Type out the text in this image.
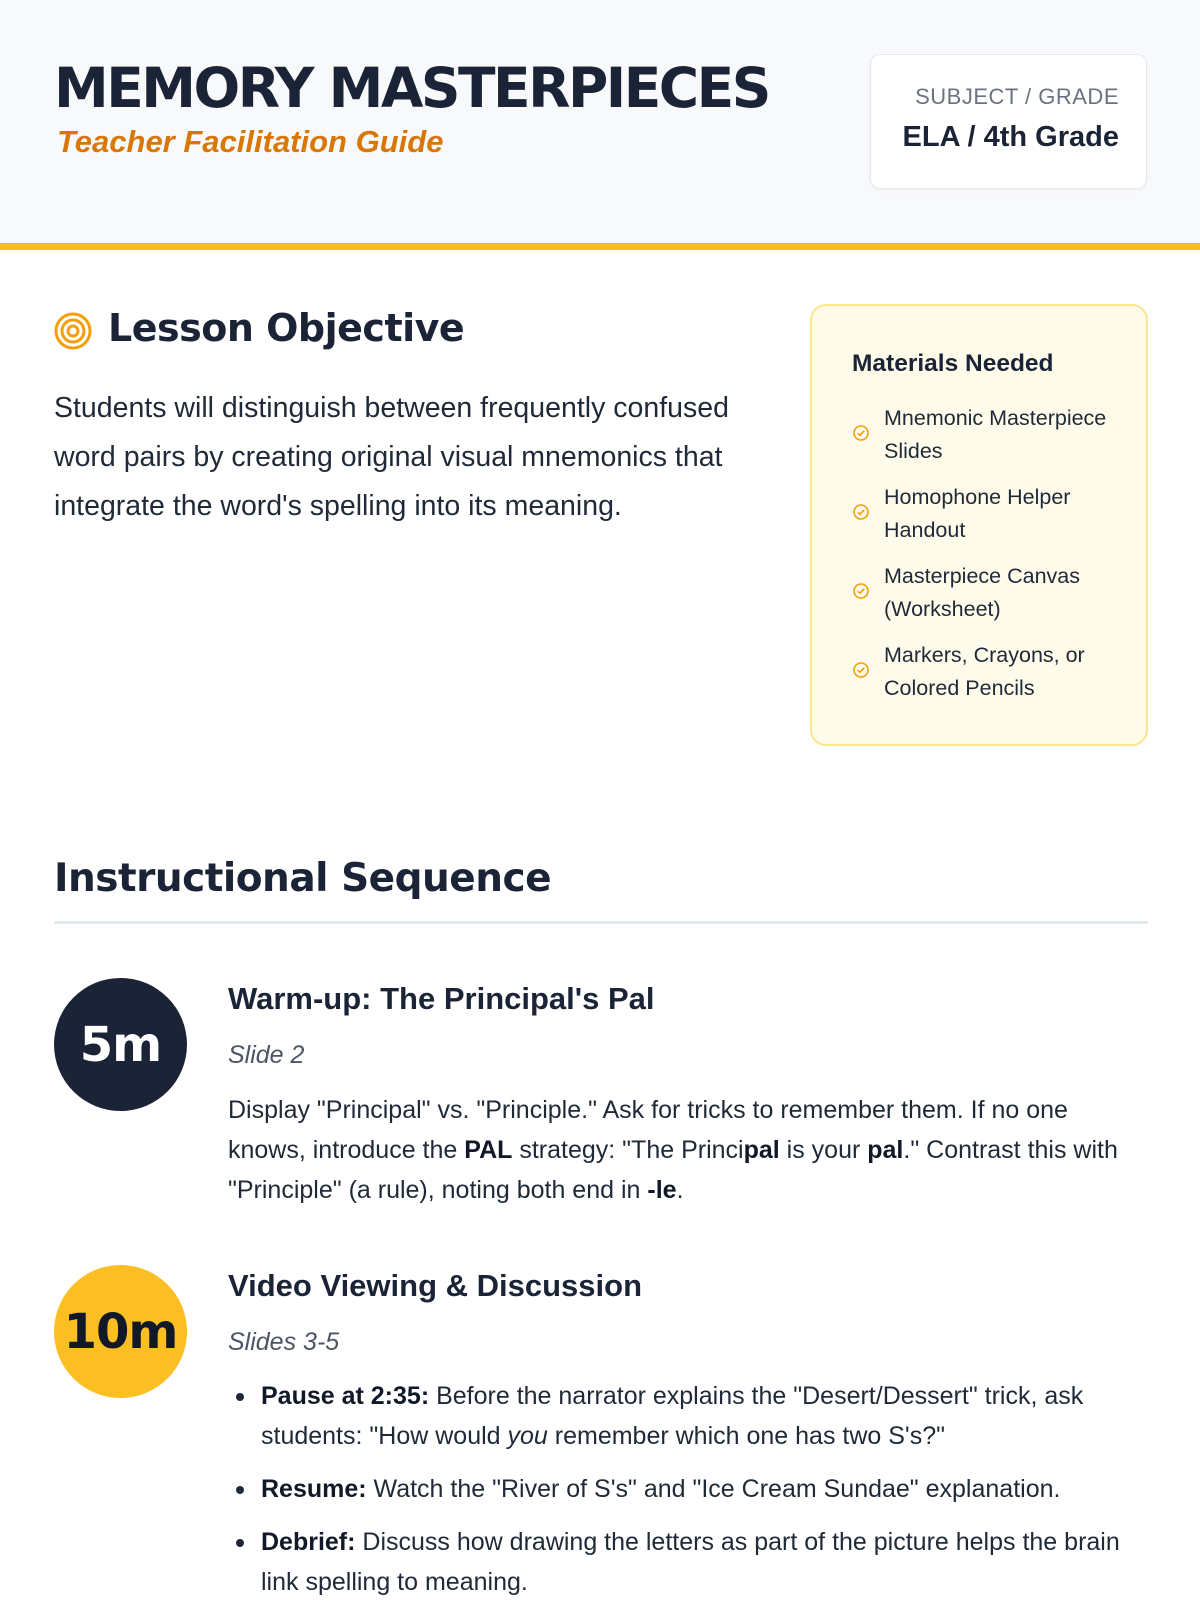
MEMORY MASTERPIECES
Teacher Facilitation Guide
SUBJECT / GRADE
ELA / 4th Grade
Lesson Objective

Students will distinguish between frequently confused word pairs by creating original visual mnemonics that integrate the word's spelling into its meaning.

Materials Needed
Mnemonic Masterpiece Slides
Homophone Helper Handout
Masterpiece Canvas (Worksheet)
Markers, Crayons, or Colored Pencils
Instructional Sequence
5m
Warm-up: The Principal's Pal
Slide 2

Display "Principal" vs. "Principle." Ask for tricks to remember them. If no one knows, introduce the PAL strategy: "The Principal is your pal." Contrast this with "Principle" (a rule), noting both end in -le.

10m
Video Viewing & Discussion
Slides 3-5
Pause at 2:35: Before the narrator explains the "Desert/Dessert" trick, ask students: "How would you remember which one has two S's?"
Resume: Watch the "River of S's" and "Ice Cream Sundae" explanation.
Debrief: Discuss how drawing the letters as part of the picture helps the brain link spelling to meaning.
